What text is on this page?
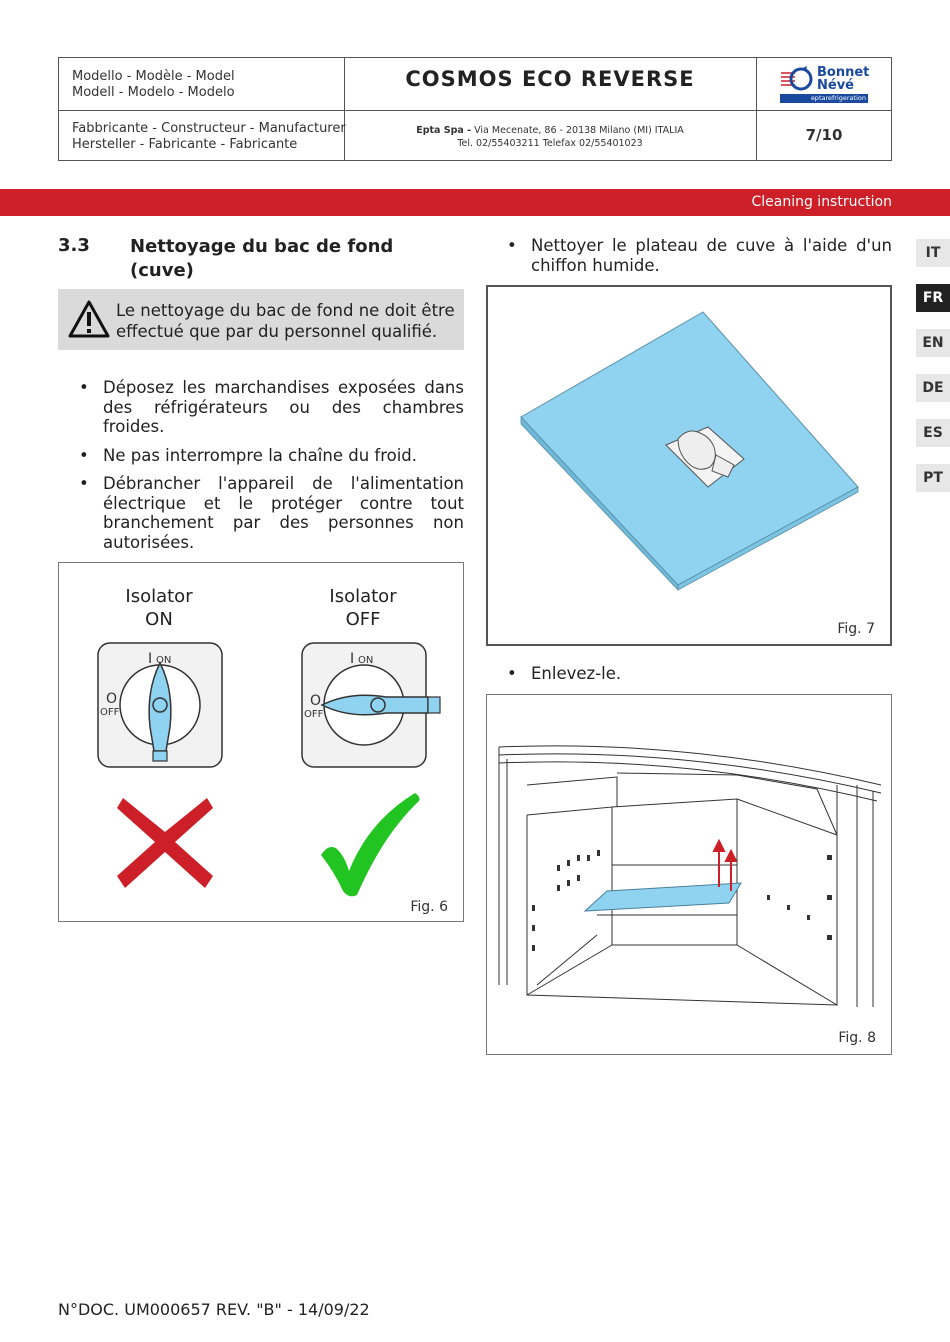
Modello - Modèle - Model
Modell - Modelo - Modelo
COSMOS ECO REVERSE
Fabbricante - Constructeur - Manufacturer
Hersteller - Fabricante - Fabricante
Epta Spa - Via Mecenate, 86 - 20138 Milano (MI) ITALIA
Tel. 02/55403211 Telefax 02/55401023	7/10
Bonnet
Névé
eptarefrigeration
Cleaning instruction
IT
FR
EN
DE
ES
PT
3.3 Nettoyage du bac de fond (cuve)
Le nettoyage du bac de fond ne doit être effectué que par du personnel qualifié.
• Déposez les marchandises exposées dans des réfrigérateurs ou des chambres froides.
• Ne pas interrompre la chaîne du froid.
• Débrancher l'appareil de l'alimentation électrique et le protéger contre tout branchement par des personnes non autorisées.
Isolator
ON
Isolator
OFF
I ON
O
OFF
I ON
O
OFF
Fig. 6
• Nettoyer le plateau de cuve à l'aide d'un chiffon humide.
Fig. 7
• Enlevez-le.
Fig. 8
N°DOC. UM000657 REV. "B" - 14/09/22
